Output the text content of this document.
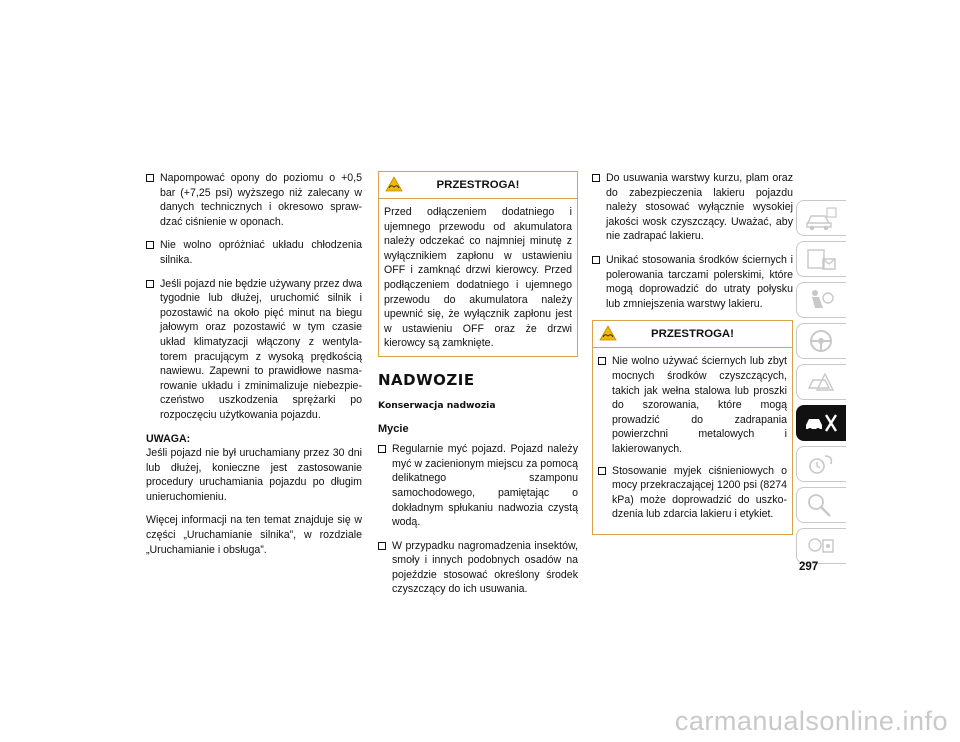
Napompować opony do poziomu o +0,5 bar (+7,25 psi) wyższego niż zalecany w danych technicznych i okresowo sprawdzać ciśnienie w oponach.
Nie wolno opróżniać układu chłodzenia silnika.
Jeśli pojazd nie będzie używany przez dwa tygodnie lub dłużej, uruchomić silnik i pozostawić na około pięć minut na biegu jałowym oraz pozostawić w tym czasie układ klimatyzacji włączony z wentylatorem pracującym z wysoką prędkością nawiewu. Zapewni to prawidłowe nasmarowanie układu i zminimalizuje niebezpieczeństwo uszkodzenia sprężarki po rozpoczęciu użytkowania pojazdu.

UWAGA:

Jeśli pojazd nie był uruchamiany przez 30 dni lub dłużej, konieczne jest zastosowanie procedury uruchamiania pojazdu po długim unieruchomieniu.

Więcej informacji na ten temat znajduje się w części „Uruchamianie silnika”, w rozdziale „Uruchamianie i obsługa”.

PRZESTROGA!
Przed odłączeniem dodatniego i ujemnego przewodu od akumulatora należy odczekać co najmniej minutę z wyłącznikiem zapłonu w ustawieniu OFF i zamknąć drzwi kierowcy. Przed podłączeniem dodatniego i ujemnego przewodu do akumulatora należy upewnić się, że wyłącznik zapłonu jest w ustawieniu OFF oraz że drzwi kierowcy są zamknięte.
NADWOZIE
Konserwacja nadwozia
Mycie
Regularnie myć pojazd. Pojazd należy myć w zacienionym miejscu za pomocą delikatnego szamponu samochodowego, pamiętając o dokładnym spłukaniu nadwozia czystą wodą.
W przypadku nagromadzenia insektów, smoły i innych podobnych osadów na pojeździe stosować określony środek czyszczący do ich usuwania.
Do usuwania warstwy kurzu, plam oraz do zabezpieczenia lakieru pojazdu należy stosować wyłącznie wysokiej jakości wosk czyszczący. Uważać, aby nie zadrapać lakieru.
Unikać stosowania środków ściernych i polerowania tarczami polerskimi, które mogą doprowadzić do utraty połysku lub zmniejszenia warstwy lakieru.
PRZESTROGA!
Nie wolno używać ściernych lub zbyt mocnych środków czyszczących, takich jak wełna stalowa lub proszki do szorowania, które mogą prowadzić do zadrapania powierzchni metalowych i lakierowanych.
Stosowanie myjek ciśnieniowych o mocy przekraczającej 1200 psi (8274 kPa) może doprowadzić do uszkodzenia lub zdarcia lakieru i etykiet.
297
carmanualsonline.info
